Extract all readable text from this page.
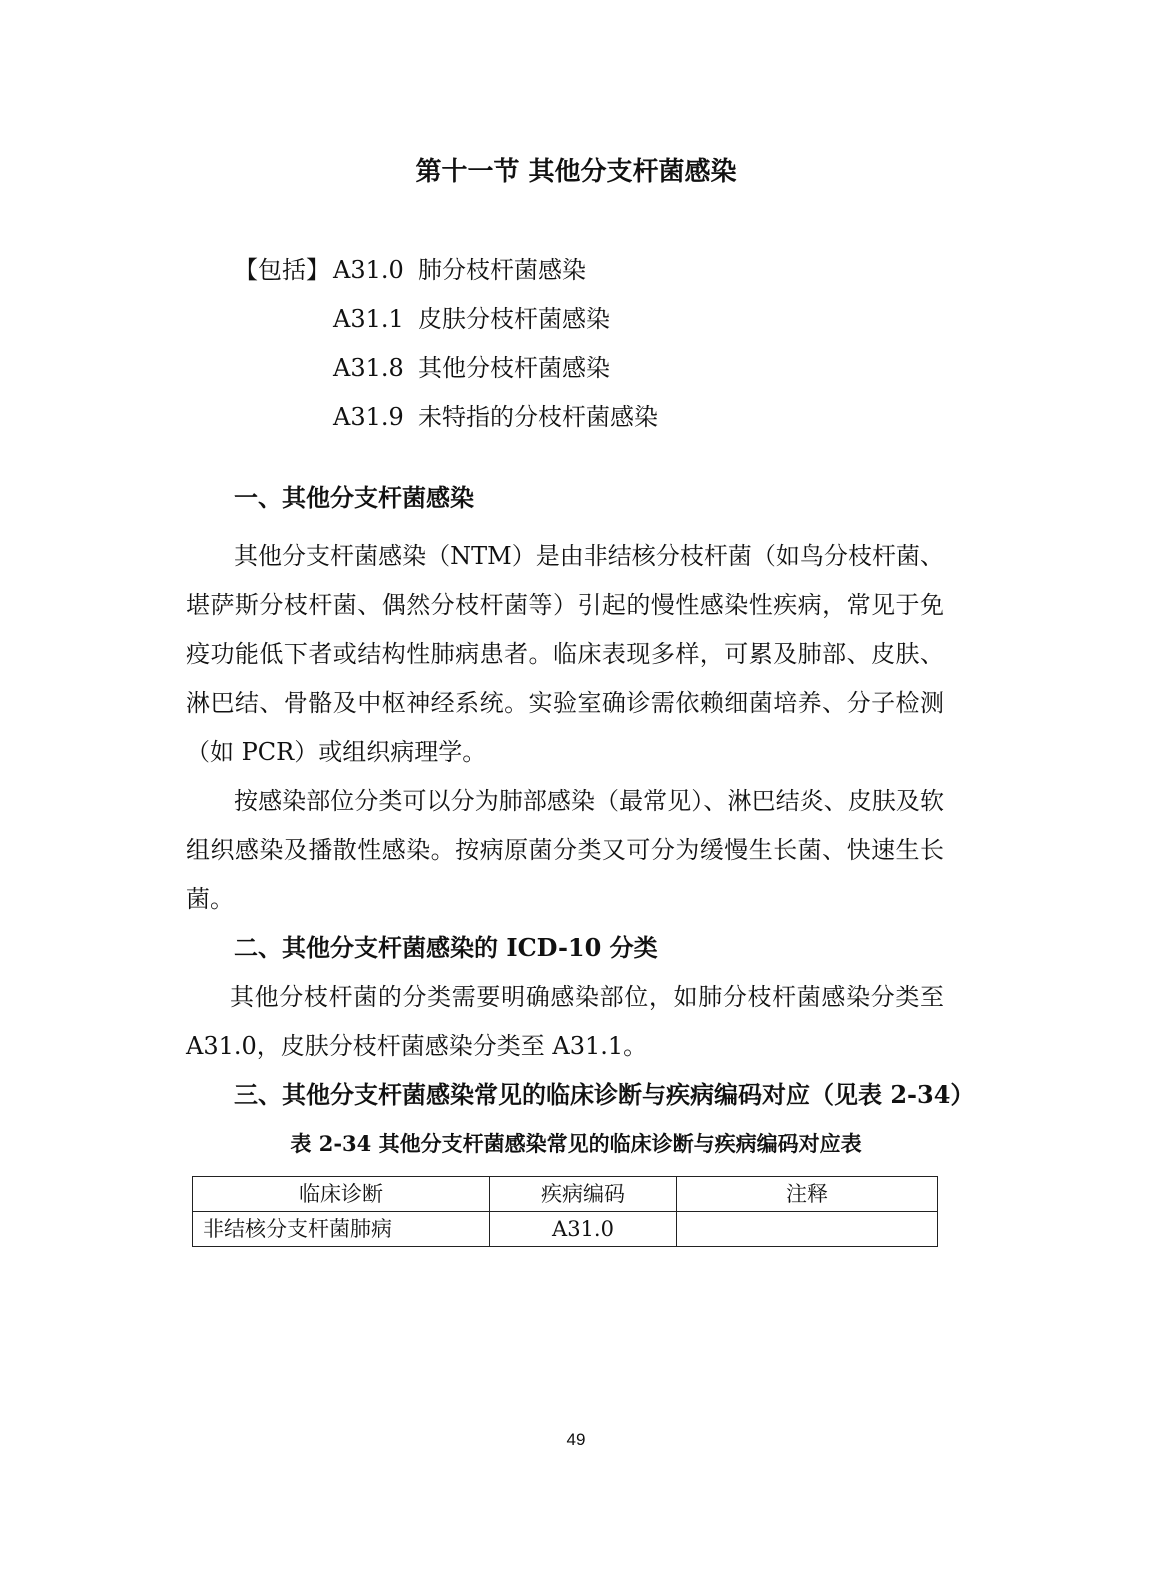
第十一节 其他分支杆菌感染
【包括】 A31.0 肺分枝杆菌感染
A31.1 皮肤分枝杆菌感染
A31.8 其他分枝杆菌感染
A31.9 未特指的分枝杆菌感染
一、其他分支杆菌感染

其他分支杆菌感染（NTM）是由非结核分枝杆菌（如鸟分枝杆菌、堪萨斯分枝杆菌、偶然分枝杆菌等）引起的慢性感染性疾病，常见于免疫功能低下者或结构性肺病患者。临床表现多样，可累及肺部、皮肤、淋巴结、骨骼及中枢神经系统。实验室确诊需依赖细菌培养、分子检测（如 PCR）或组织病理学。

按感染部位分类可以分为肺部感染（最常见）、淋巴结炎、皮肤及软组织感染及播散性感染。按病原菌分类又可分为缓慢生长菌、快速生长菌。

二、其他分支杆菌感染的 ICD-10 分类

其他分枝杆菌的分类需要明确感染部位，如肺分枝杆菌感染分类至 A31.0，皮肤分枝杆菌感染分类至 A31.1。

三、其他分支杆菌感染常见的临床诊断与疾病编码对应（见表 2-34）
表 2-34 其他分支杆菌感染常见的临床诊断与疾病编码对应表
临床诊断	疾病编码	注释
非结核分支杆菌肺病	A31.0	
49
